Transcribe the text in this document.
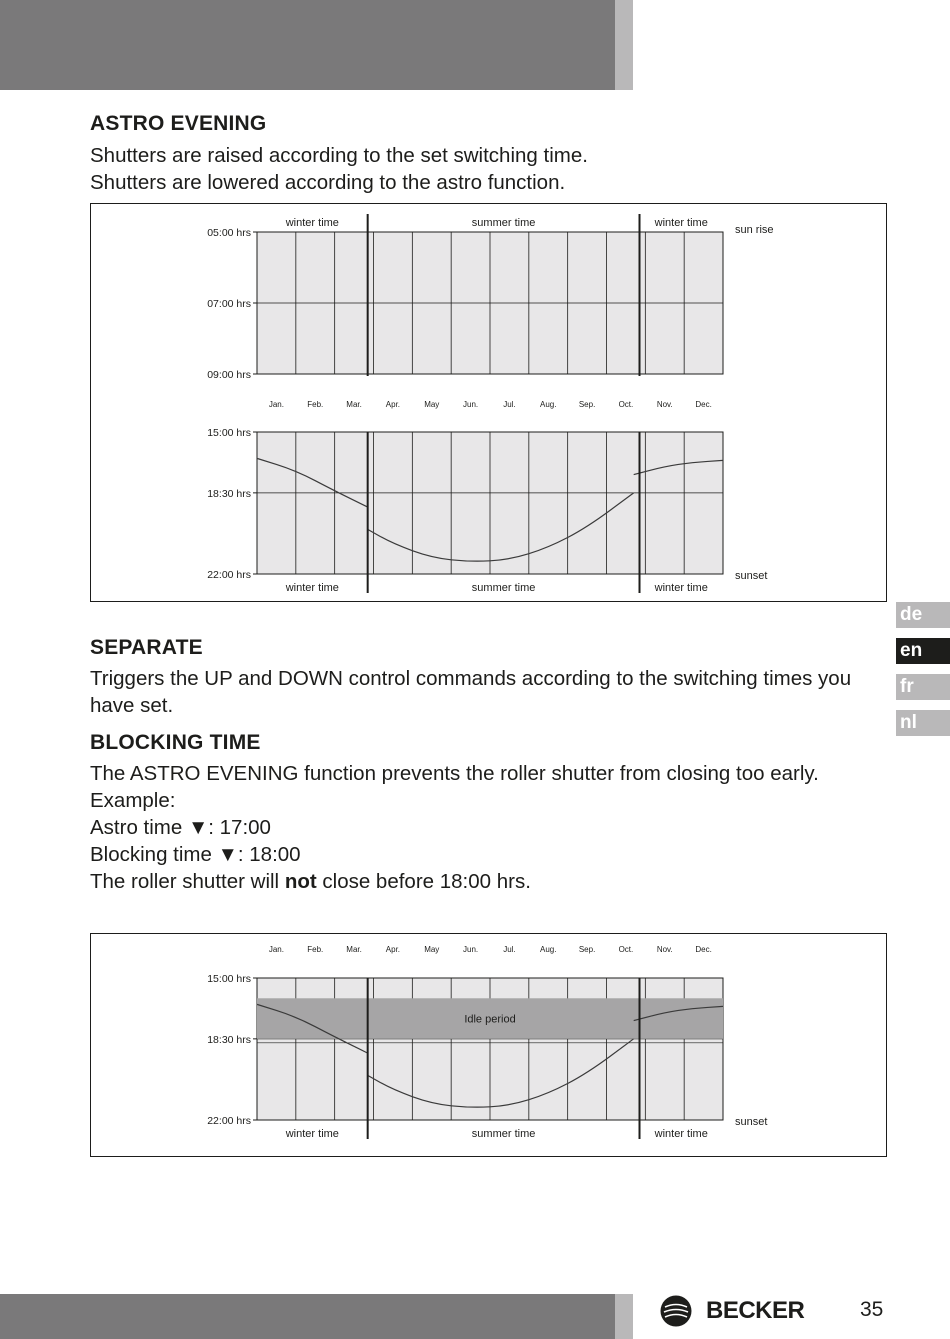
ASTRO EVENING

Shutters are raised according to the set switching time.

Shutters are lowered according to the astro function.

winter time	summer time	winter time
05:00 hrs
07:00 hrs
09:00 hrs
sun rise
Jan.	Feb.	Mar.	Apr.	May	Jun.	Jul.	Aug.	Sep.	Oct.	Nov.	Dec.
15:00 hrs
18:30 hrs
22:00 hrs	sunset
winter time	summer time	winter time
SEPARATE

Triggers the UP and DOWN control commands according to the switching times you have set.

BLOCKING TIME

The ASTRO EVENING function prevents the roller shutter from closing too early.

Example:

Astro time ▼: 17:00

Blocking time ▼: 18:00

The roller shutter will not close before 18:00 hrs.

Jan.	Feb.	Mar.	Apr.	May	Jun.	Jul.	Aug.	Sep.	Oct.	Nov.	Dec.
15:00 hrs
18:30 hrs
22:00 hrs
Idle period
sunset
winter time	summer time	winter time
de
en
fr
nl
BECKER	35
